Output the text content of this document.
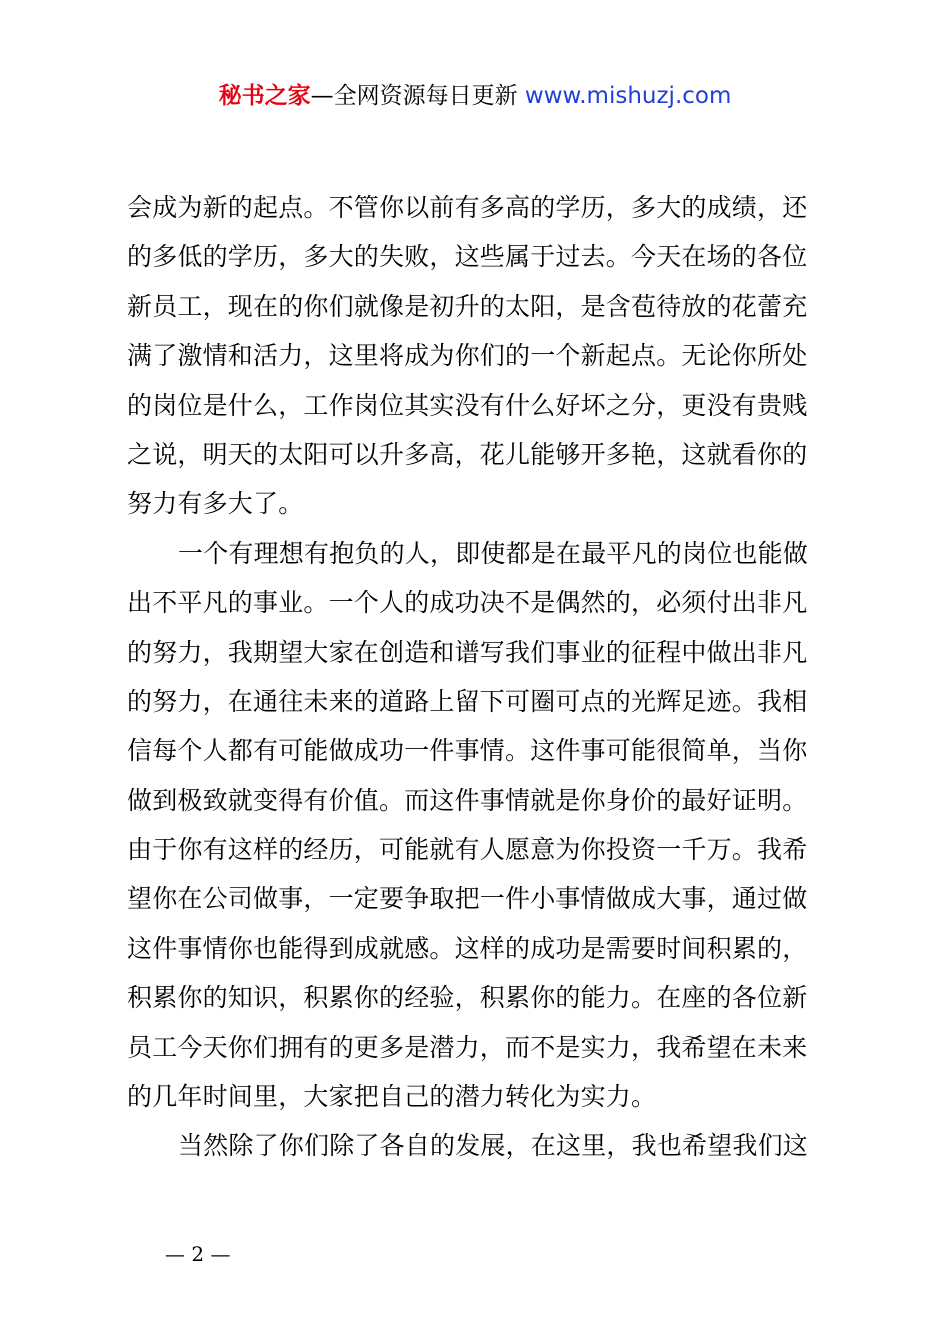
秘书之家—全网资源每日更新 www.mishuzj.com
会成为新的起点。不管你以前有多高的学历，多大的成绩，还
的多低的学历，多大的失败，这些属于过去。今天在场的各位
新员工，现在的你们就像是初升的太阳，是含苞待放的花蕾充
满了激情和活力，这里将成为你们的一个新起点。无论你所处
的岗位是什么，工作岗位其实没有什么好坏之分，更没有贵贱
之说，明天的太阳可以升多高，花儿能够开多艳，这就看你的
努力有多大了。
一个有理想有抱负的人，即使都是在最平凡的岗位也能做
出不平凡的事业。一个人的成功决不是偶然的，必须付出非凡
的努力，我期望大家在创造和谱写我们事业的征程中做出非凡
的努力，在通往未来的道路上留下可圈可点的光辉足迹。我相
信每个人都有可能做成功一件事情。这件事可能很简单，当你
做到极致就变得有价值。而这件事情就是你身价的最好证明。
由于你有这样的经历，可能就有人愿意为你投资一千万。我希
望你在公司做事，一定要争取把一件小事情做成大事，通过做
这件事情你也能得到成就感。这样的成功是需要时间积累的，
积累你的知识，积累你的经验，积累你的能力。在座的各位新
员工今天你们拥有的更多是潜力，而不是实力，我希望在未来
的几年时间里，大家把自己的潜力转化为实力。
当然除了你们除了各自的发展，在这里，我也希望我们这
— 2 —
